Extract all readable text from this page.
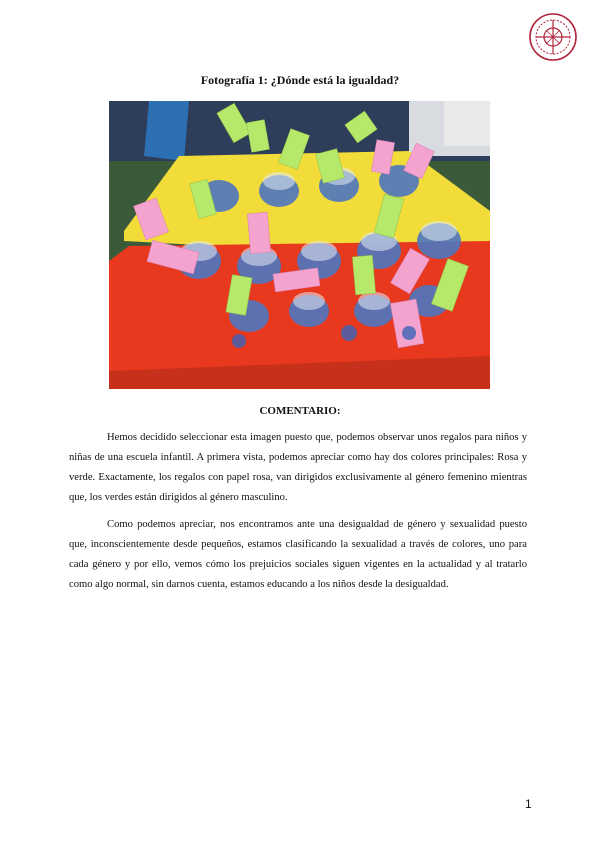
Fotografía 1: ¿Dónde está la igualdad?
COMENTARIO:

Hemos decidido seleccionar esta imagen puesto que, podemos observar unos regalos para niños y niñas de una escuela infantil. A primera vista, podemos apreciar como hay dos colores principales: Rosa y verde. Exactamente, los regalos con papel rosa, van dirigidos exclusivamente al género femenino mientras que, los verdes están dirigidos al género masculino.

Como podemos apreciar, nos encontramos ante una desigualdad de género y sexualidad puesto que, inconscientemente desde pequeños, estamos clasificando la sexualidad a través de colores, uno para cada género y por ello, vemos cómo los prejuicios sociales siguen vigentes en la actualidad y al tratarlo como algo normal, sin darnos cuenta, estamos educando a los niños desde la desigualdad.

1
